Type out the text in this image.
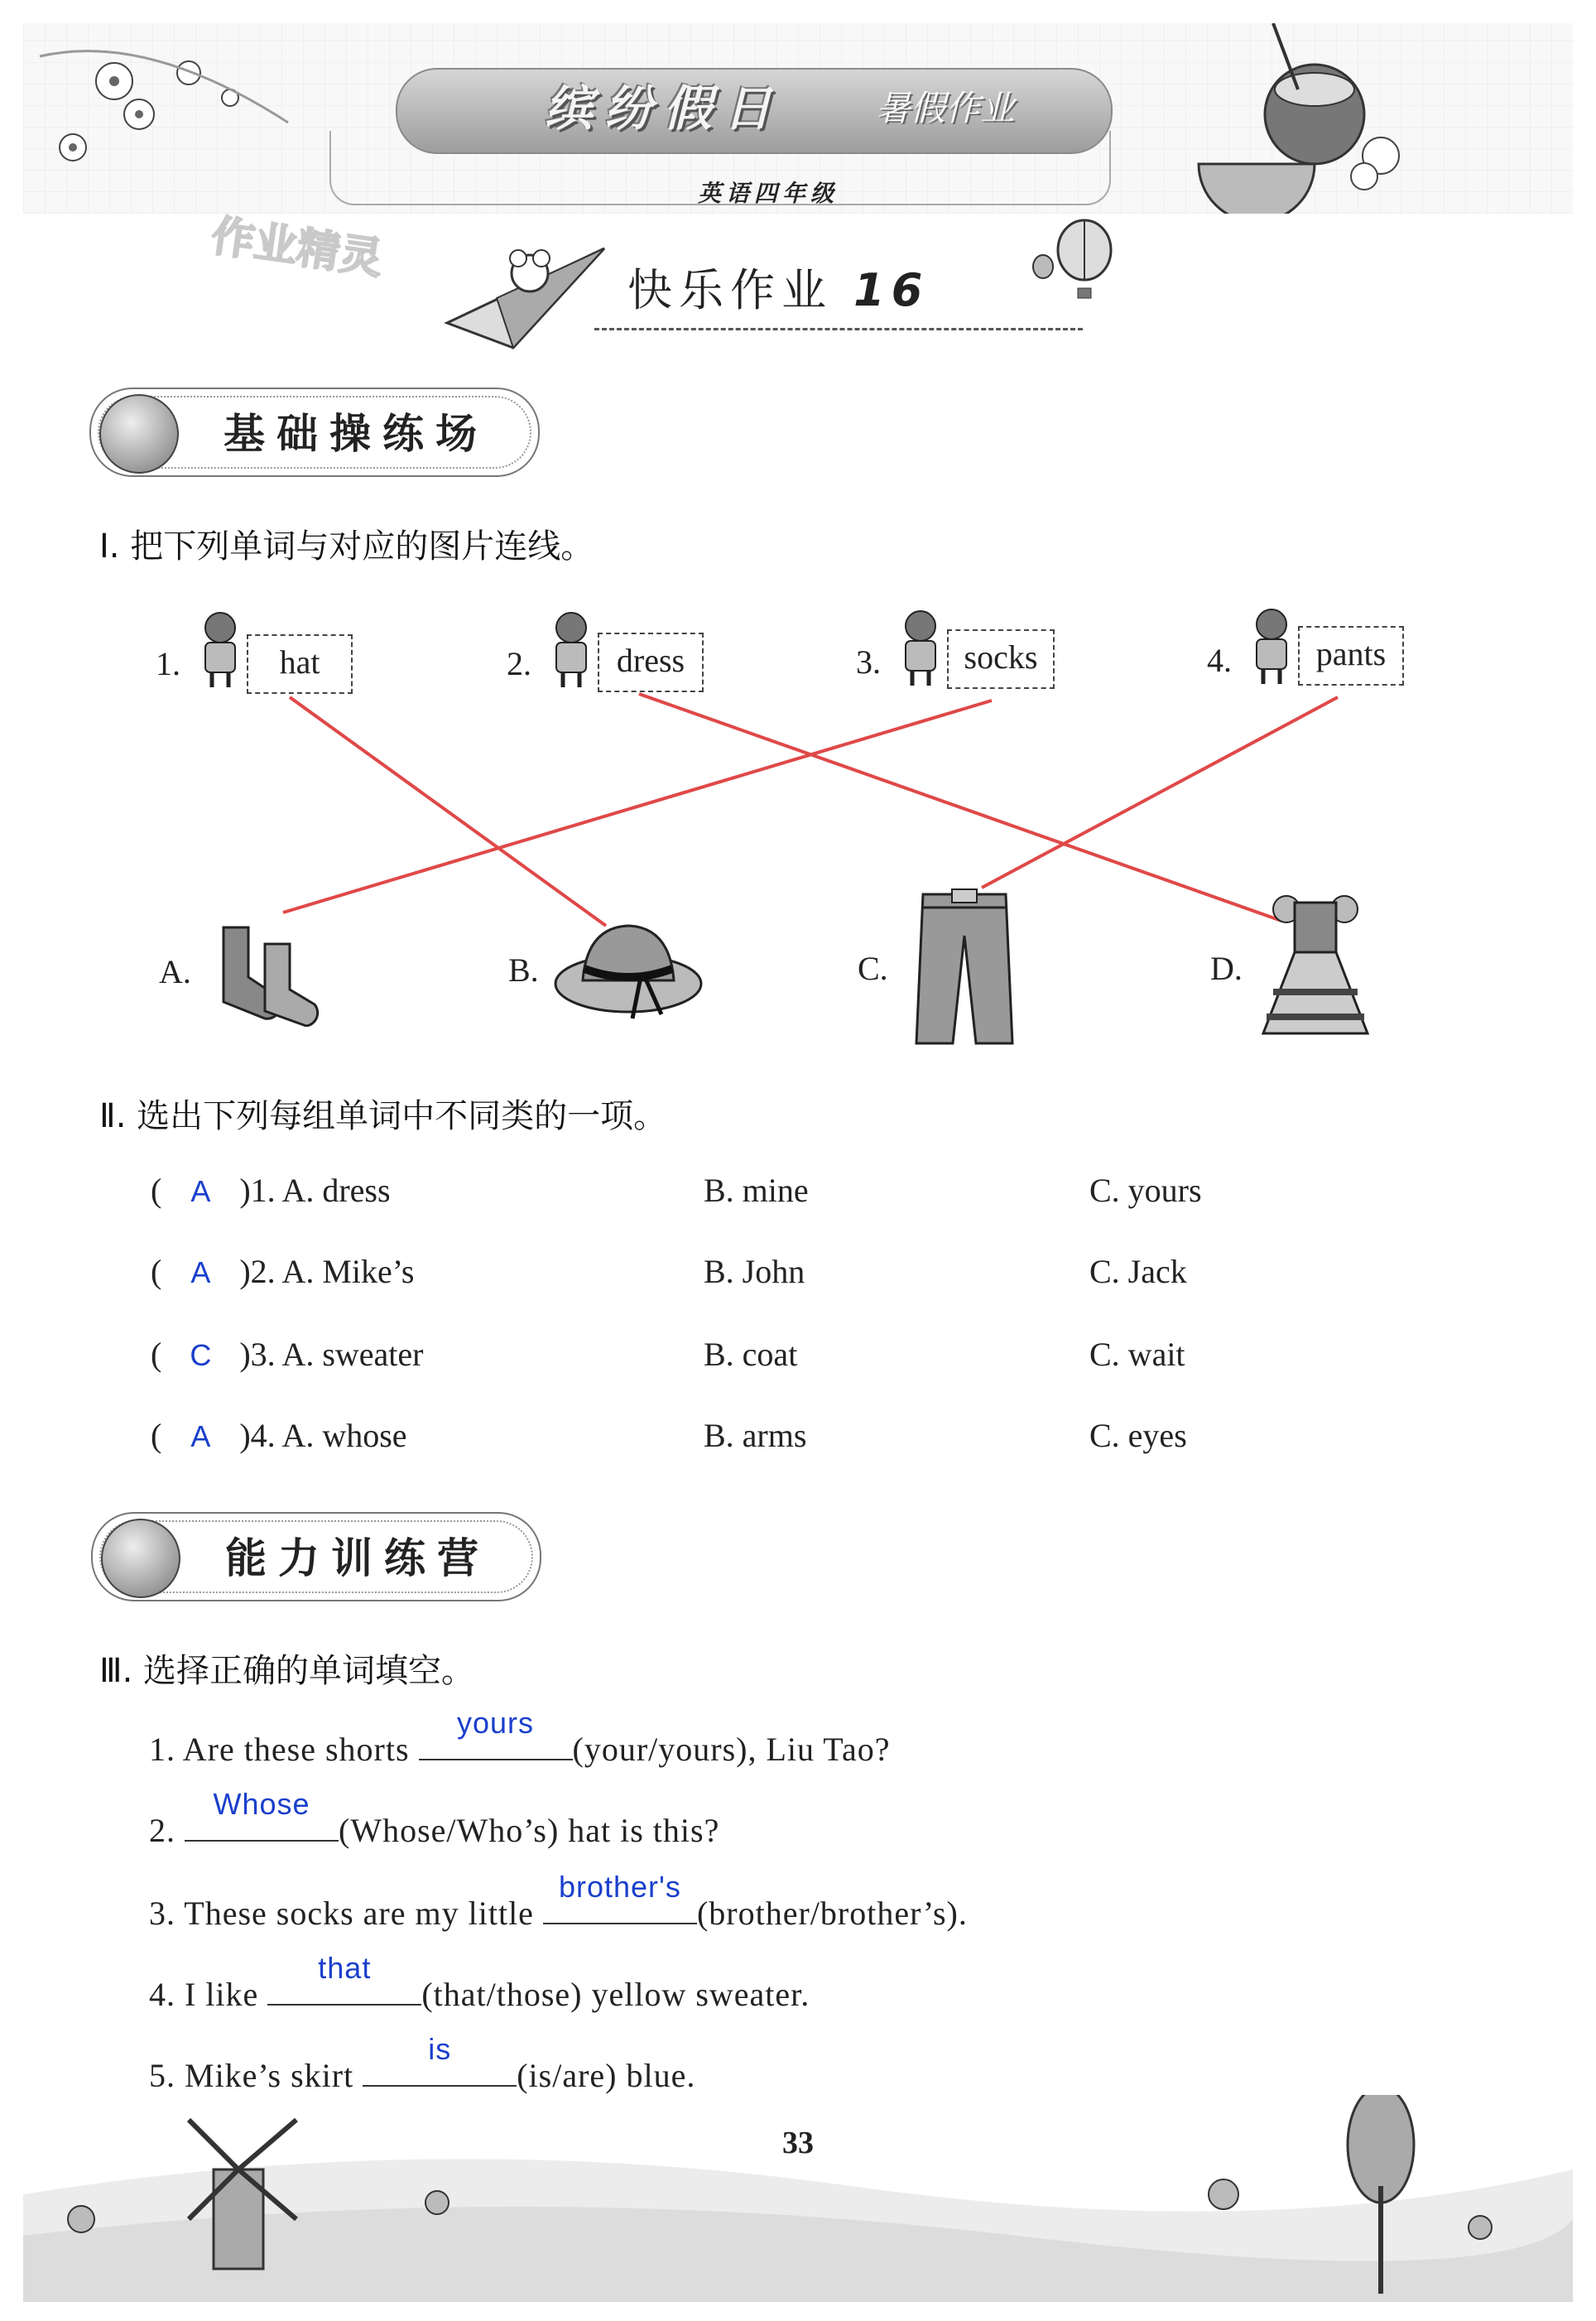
缤纷假日	暑假作业
英语四年级
作业精灵
快乐作业 16
基础操练场
Ⅰ. 把下列单词与对应的图片连线。
1.	hat	2.	dress	3.	socks	4.	pants
A.	B.	C.	D.
Ⅱ. 选出下列每组单词中不同类的一项。
( A )1. A. dress	B. mine	C. yours
( A )2. A. Mike’s	B. John	C. Jack
( C )3. A. sweater	B. coat	C. wait
( A )4. A. whose	B. arms	C. eyes
能力训练营
Ⅲ. 选择正确的单词填空。
1. Are these shorts
yours
(your/yours), Liu Tao?
2.
Whose
(Whose/Who’s) hat is this?
3. These socks are my little
brother's
(brother/brother’s).
4. I like
that
(that/those) yellow sweater.
5. Mike’s skirt
is
(is/are) blue.
33
